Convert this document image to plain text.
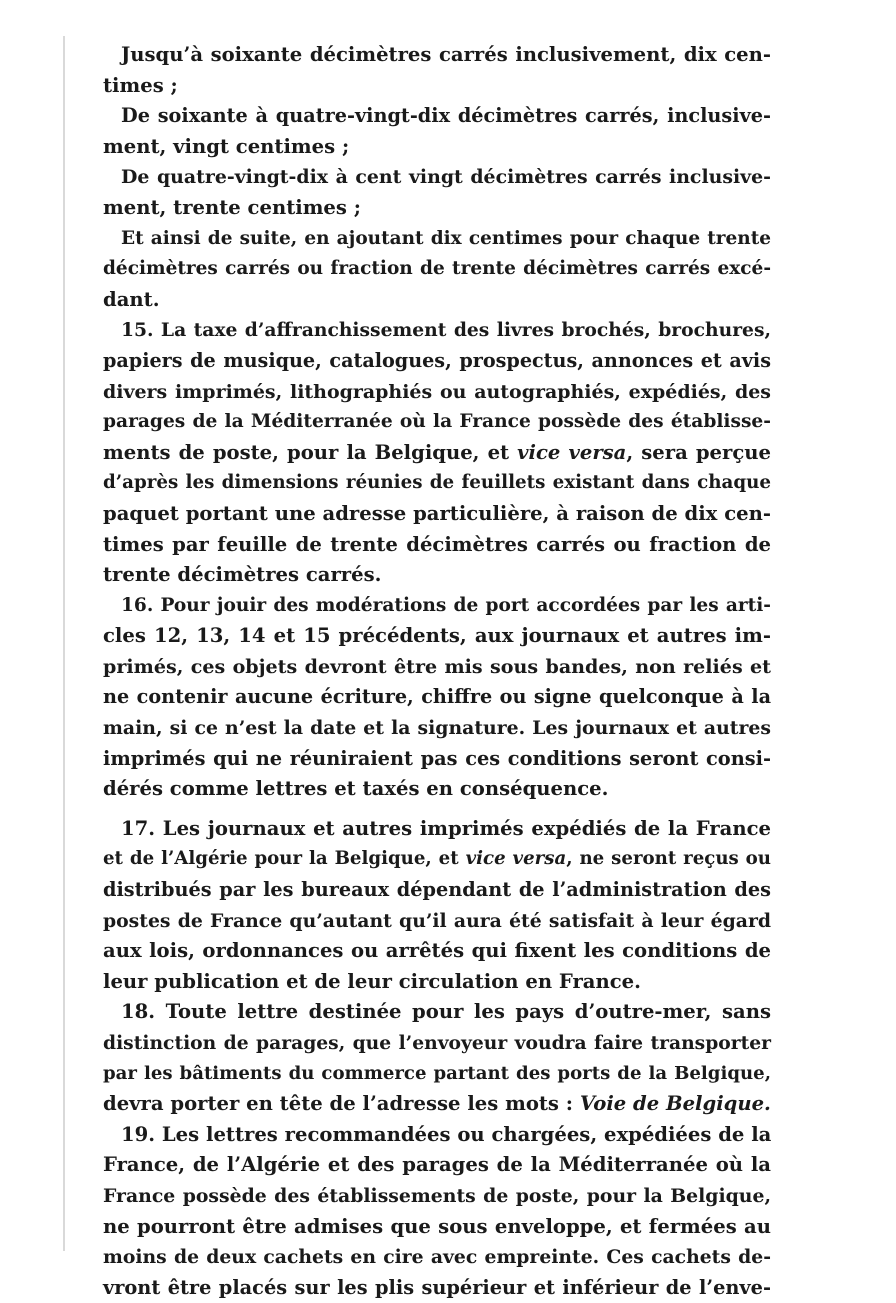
Jusqu’à soixante décimètres carrés inclusivement, dix cen-
times ;
De soixante à quatre-vingt-dix décimètres carrés, inclusive-
ment, vingt centimes ;
De quatre-vingt-dix à cent vingt décimètres carrés inclusive-
ment, trente centimes ;
Et ainsi de suite, en ajoutant dix centimes pour chaque trente
décimètres carrés ou fraction de trente décimètres carrés excé-
dant.
15. La taxe d’affranchissement des livres brochés, brochures,
papiers de musique, catalogues, prospectus, annonces et avis
divers imprimés, lithographiés ou autographiés, expédiés, des
parages de la Méditerranée où la France possède des établisse-
ments de poste, pour la Belgique, et vice versa, sera perçue
d’après les dimensions réunies de feuillets existant dans chaque
paquet portant une adresse particulière, à raison de dix cen-
times par feuille de trente décimètres carrés ou fraction de
trente décimètres carrés.
16. Pour jouir des modérations de port accordées par les arti-
cles 12, 13, 14 et 15 précédents, aux journaux et autres im-
primés, ces objets devront être mis sous bandes, non reliés et
ne contenir aucune écriture, chiffre ou signe quelconque à la
main, si ce n’est la date et la signature. Les journaux et autres
imprimés qui ne réuniraient pas ces conditions seront consi-
dérés comme lettres et taxés en conséquence.
17. Les journaux et autres imprimés expédiés de la France
et de l’Algérie pour la Belgique, et vice versa, ne seront reçus ou
distribués par les bureaux dépendant de l’administration des
postes de France qu’autant qu’il aura été satisfait à leur égard
aux lois, ordonnances ou arrêtés qui fixent les conditions de
leur publication et de leur circulation en France.
18. Toute lettre destinée pour les pays d’outre-mer, sans
distinction de parages, que l’envoyeur voudra faire transporter
par les bâtiments du commerce partant des ports de la Belgique,
devra porter en tête de l’adresse les mots : Voie de Belgique.
19. Les lettres recommandées ou chargées, expédiées de la
France, de l’Algérie et des parages de la Méditerranée où la
France possède des établissements de poste, pour la Belgique,
ne pourront être admises que sous enveloppe, et fermées au
moins de deux cachets en cire avec empreinte. Ces cachets de-
vront être placés sur les plis supérieur et inférieur de l’enve-
